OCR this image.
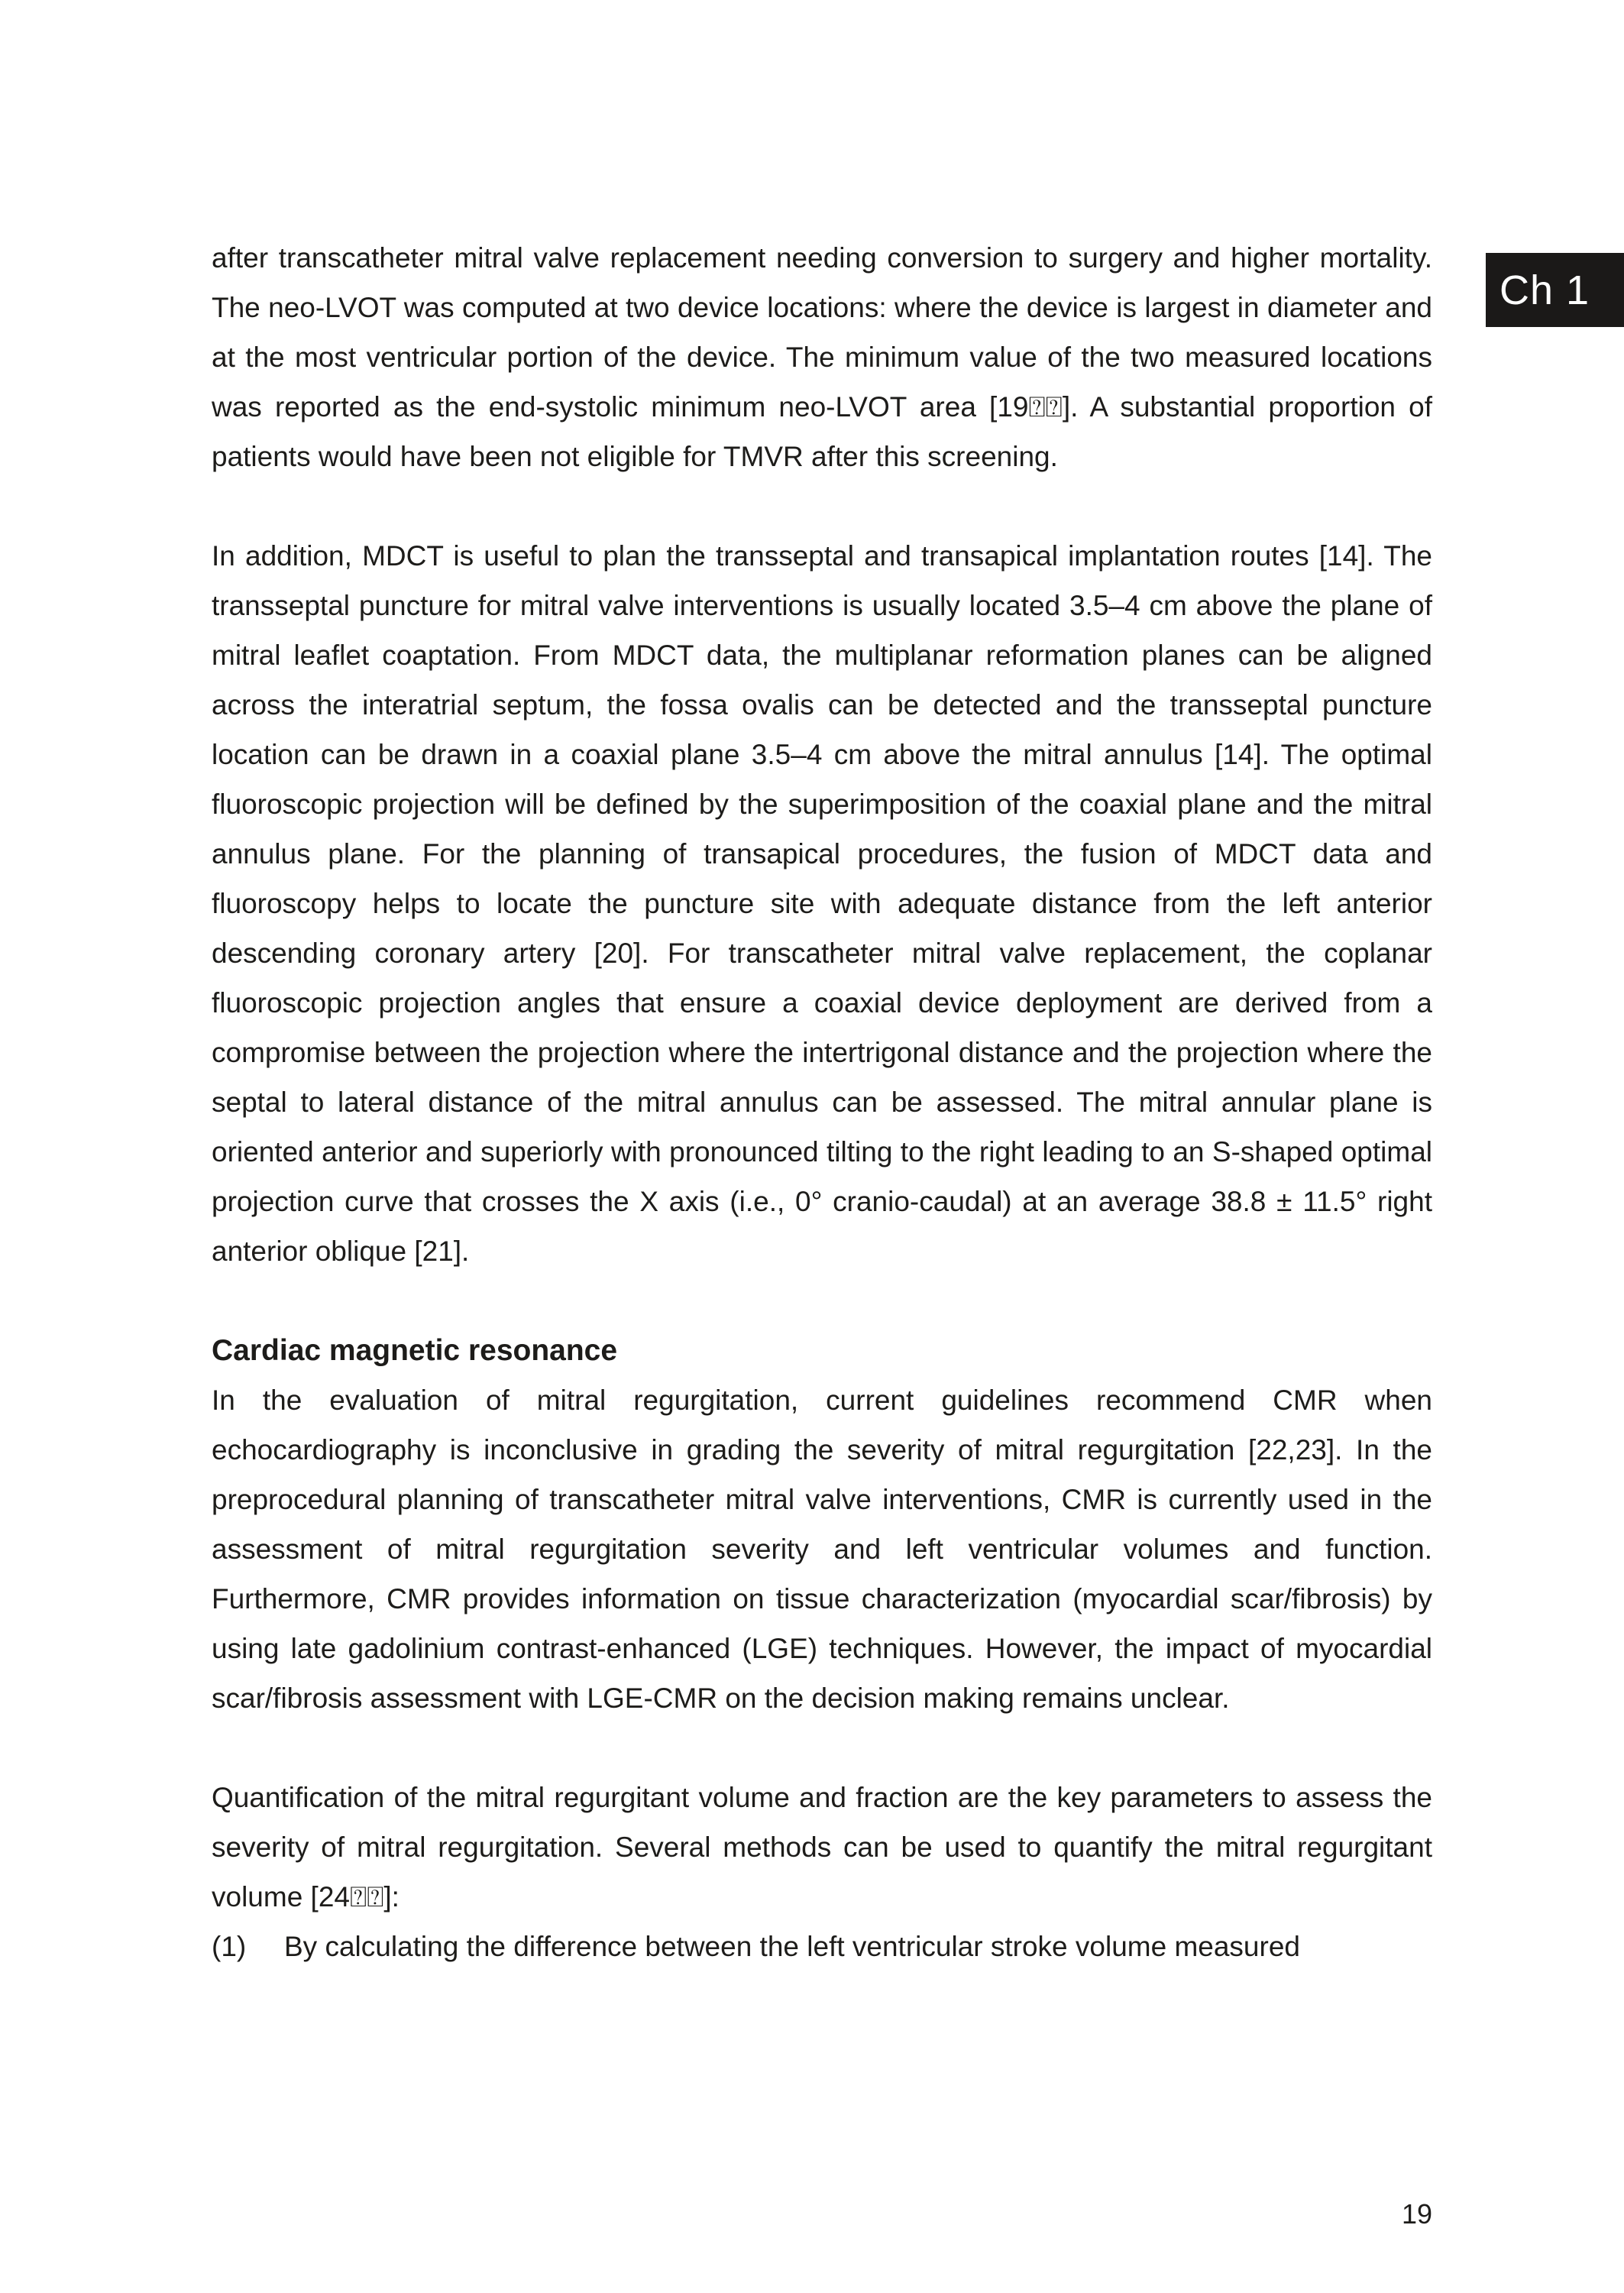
Ch 1

after transcatheter mitral valve replacement needing conversion to surgery and higher mortality. The neo-LVOT was computed at two device locations: where the device is largest in diameter and at the most ventricular portion of the device. The minimum value of the two measured locations was reported as the end-systolic minimum neo-LVOT area [19⍰⍰]. A substantial proportion of patients would have been not eligible for TMVR after this screening.

In addition, MDCT is useful to plan the transseptal and transapical implantation routes [14]. The transseptal puncture for mitral valve interventions is usually located 3.5–4 cm above the plane of mitral leaflet coaptation. From MDCT data, the multiplanar reformation planes can be aligned across the interatrial septum, the fossa ovalis can be detected and the transseptal puncture location can be drawn in a coaxial plane 3.5–4 cm above the mitral annulus [14]. The optimal fluoroscopic projection will be defined by the superimposition of the coaxial plane and the mitral annulus plane. For the planning of transapical procedures, the fusion of MDCT data and fluoroscopy helps to locate the puncture site with adequate distance from the left anterior descending coronary artery [20]. For transcatheter mitral valve replacement, the coplanar fluoroscopic projection angles that ensure a coaxial device deployment are derived from a compromise between the projection where the intertrigonal distance and the projection where the septal to lateral distance of the mitral annulus can be assessed. The mitral annular plane is oriented anterior and superiorly with pronounced tilting to the right leading to an S-shaped optimal projection curve that crosses the X axis (i.e., 0° cranio-caudal) at an average 38.8 ± 11.5° right anterior oblique [21].

Cardiac magnetic resonance

In the evaluation of mitral regurgitation, current guidelines recommend CMR when echocardiography is inconclusive in grading the severity of mitral regurgitation [22,23]. In the preprocedural planning of transcatheter mitral valve interventions, CMR is currently used in the assessment of mitral regurgitation severity and left ventricular volumes and function. Furthermore, CMR provides information on tissue characterization (myocardial scar/fibrosis) by using late gadolinium contrast-enhanced (LGE) techniques. However, the impact of myocardial scar/fibrosis assessment with LGE-CMR on the decision making remains unclear.

Quantification of the mitral regurgitant volume and fraction are the key parameters to assess the severity of mitral regurgitation. Several methods can be used to quantify the mitral regurgitant volume [24⍰⍰]:

(1)	By calculating the difference between the left ventricular stroke volume measured
19
